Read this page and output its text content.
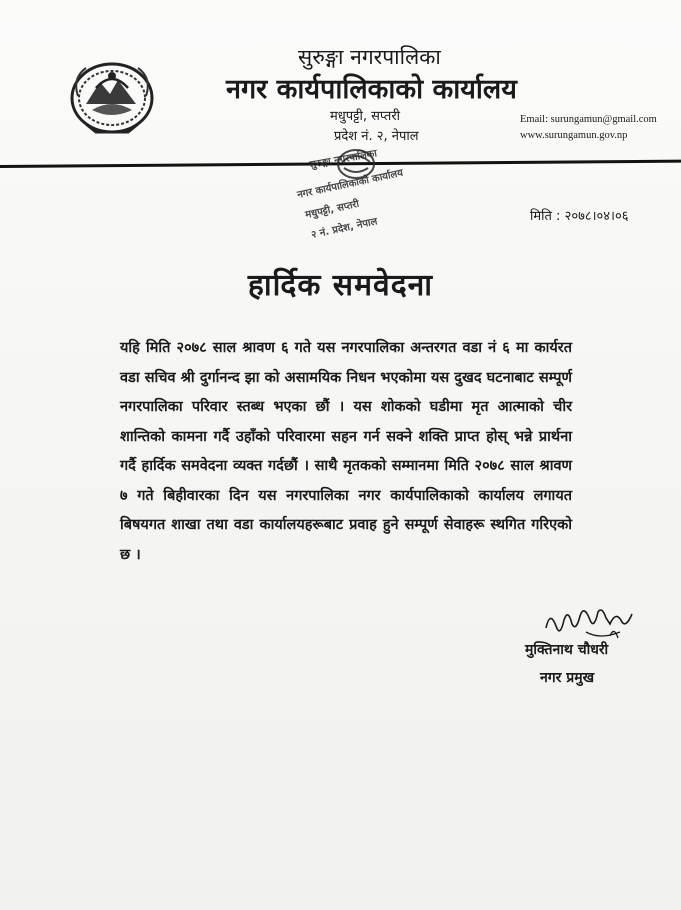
सुरुङ्गा नगरपालिका
नगर कार्यपालिकाको कार्यालय
मधुपट्टी, सप्तरी
प्रदेश नं. २, नेपाल
Email: surungamun@gmail.com
www.surungamun.gov.np
सुरुङ्गा नगरपालिका
नगर कार्यपालिकाको कार्यालय
मधुपट्टी, सप्तरी
२ नं. प्रदेश, नेपाल	मिति : २०७८।०४।०६
हार्दिक समवेदना

यहि मिति २०७८ साल श्रावण ६ गते यस नगरपालिका अन्तरगत वडा नं ६ मा कार्यरत वडा सचिव श्री दुर्गानन्द झा को असामयिक निधन भएकोमा यस दुखद घटनाबाट सम्पूर्ण नगरपालिका परिवार स्तब्ध भएका छौं । यस शोकको घडीमा मृत आत्माको चीर शान्तिको कामना गर्दै उहाँको परिवारमा सहन गर्न सक्ने शक्ति प्राप्त होस् भन्ने प्रार्थना गर्दै हार्दिक समवेदना व्यक्त गर्दछौं । साथै मृतकको सम्मानमा मिति २०७८ साल श्रावण ७ गते बिहीवारका दिन यस नगरपालिका नगर कार्यपालिकाको कार्यालय लगायत बिषयगत शाखा तथा वडा कार्यालयहरूबाट प्रवाह हुने सम्पूर्ण सेवाहरू स्थगित गरिएको छ ।

मुक्तिनाथ चौधरी
नगर प्रमुख
